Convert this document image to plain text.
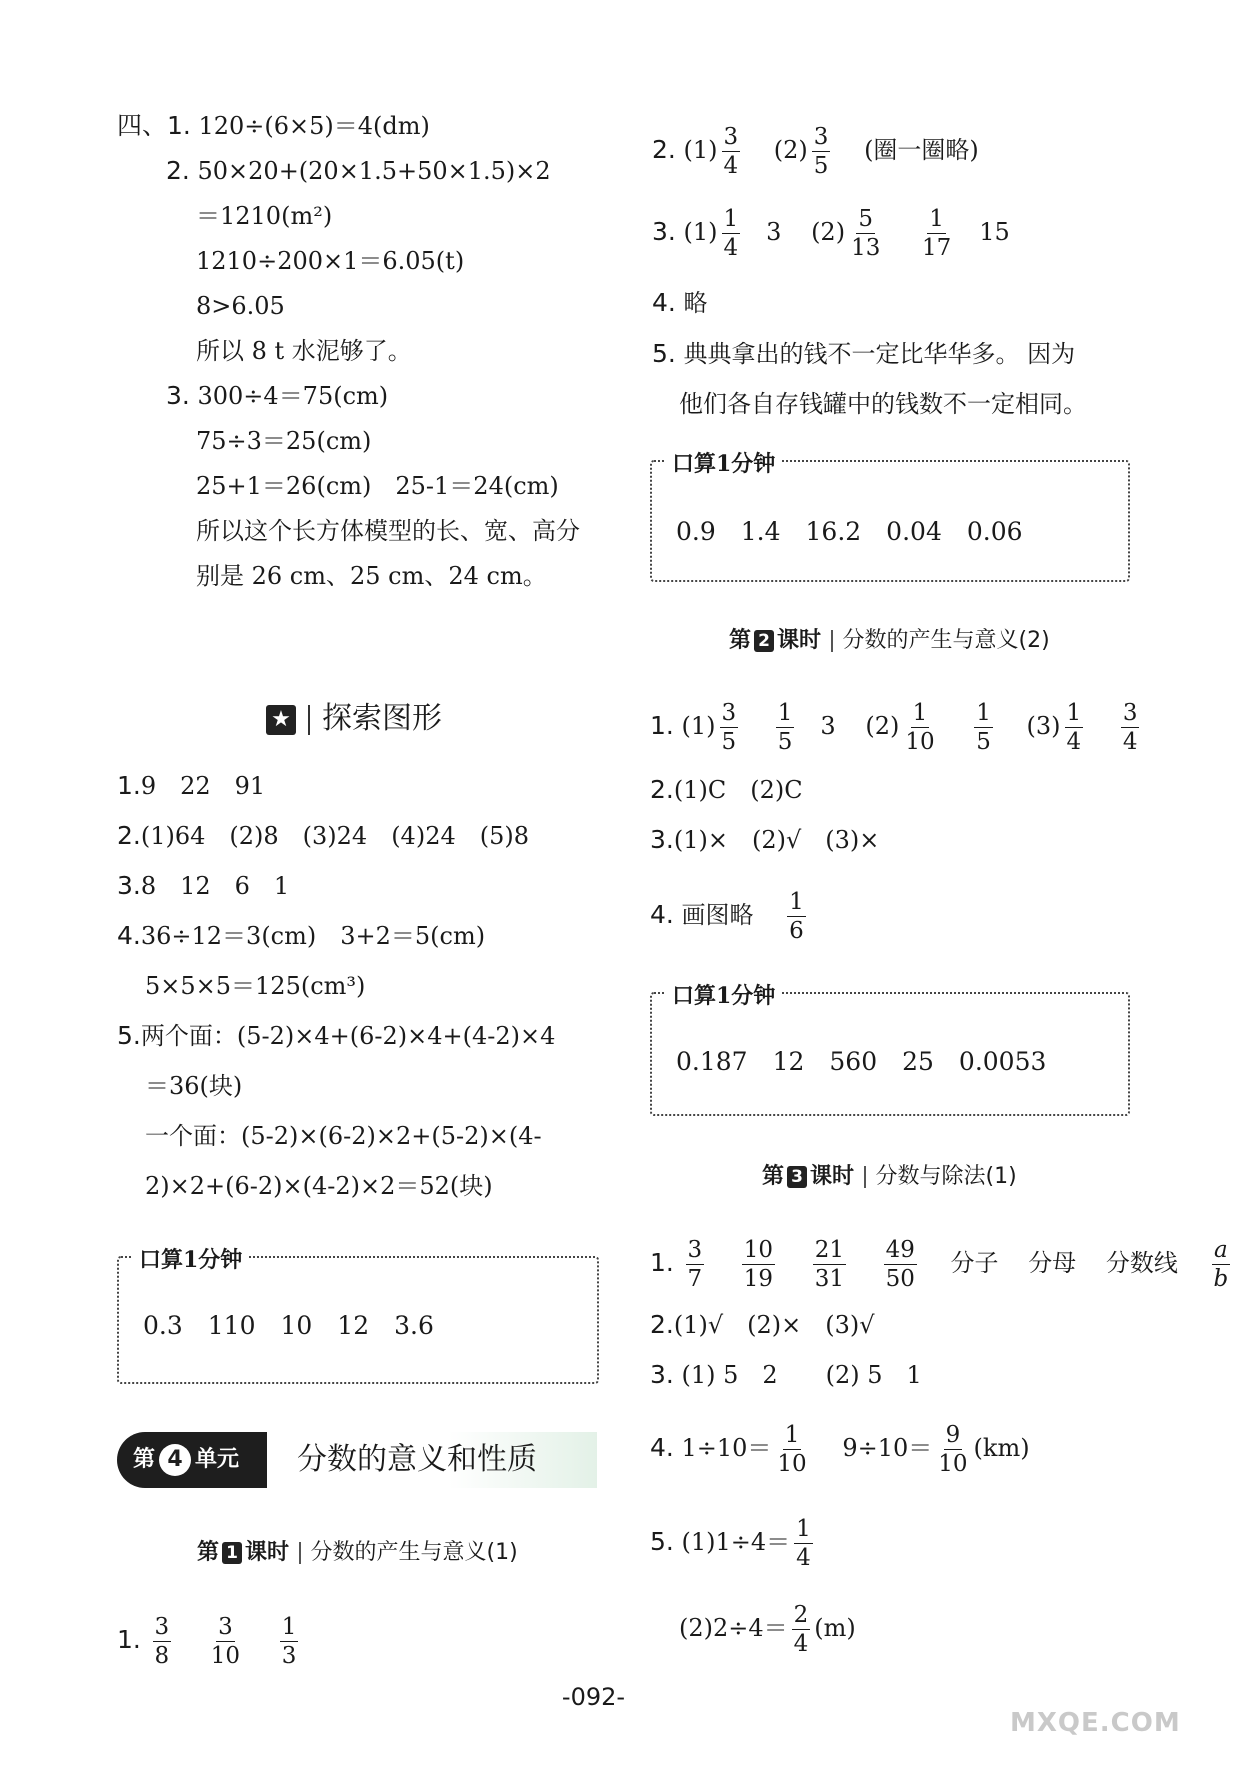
四、1. 120÷(6×5)＝4(dm)
2. 50×20+(20×1.5+50×1.5)×2
＝1210(m²)
1210÷200×1＝6.05(t)
8>6.05
所以 8 t 水泥够了。
3. 300÷4＝75(cm)
75÷3＝25(cm)
25+1＝26(cm)　25-1＝24(cm)
所以这个长方体模型的长、宽、高分
别是 26 cm、25 cm、24 cm。
★ 探索图形
1.9　22　91
2.(1)64　(2)8　(3)24　(4)24　(5)8
3.8　12　6　1
4.36÷12＝3(cm)　3+2＝5(cm)
5×5×5＝125(cm³)
5.两个面：(5-2)×4+(6-2)×4+(4-2)×4
＝36(块)
一个面：(5-2)×(6-2)×2+(5-2)×(4-
2)×2+(6-2)×(4-2)×2＝52(块)
口算1分钟
0.3　110　10　12　3.6
第 4 单元	分数的意义和性质
第 1 课时 分数的产生与意义(1)
1. $\frac{3}{8}$
$\frac{3}{10}$
$\frac{1}{3}$
2. $(1) \frac{3}{4} (2) \frac{3}{5}$ (圈一圈略)
3. $(1) \frac{1}{4} 3$ $(2) \frac{5}{13}$
$\frac{1}{17} 15$
4. 略
5. 典典拿出的钱不一定比华华多。 因为
他们各自存钱罐中的钱数不一定相同。
口算1分钟
0.9　1.4　16.2　0.04　0.06
第 2 课时 分数的产生与意义(2)
1. $(1) \frac{3}{5}$
$\frac{1}{5} 3$ $(2) \frac{1}{10}$
$\frac{1}{5} (3) \frac{1}{4}$
$\frac{3}{4}$
2.(1)C　(2)C
3.(1)×　(2)√　(3)×
4. 画图略 $\frac{1}{6}$
口算1分钟
0.187　12　560　25　0.0053
第 3 课时 分数与除法(1)
1. $\frac{3}{7}$
$\frac{10}{19}$
$\frac{21}{31}$
$\frac{49}{50}$ 分子 分母 分数线 $\frac{a}{b}$
2.(1)√　(2)×　(3)√
3. (1) 5　2　　(2) 5　1
4. $1\div 10= \frac{1}{10} 9\div 10= \frac{9}{10} (km)$
5. $(1)1\div 4= \frac{1}{4}$
$(2)2\div 4= \frac{2}{4} (m)$
-092-
MXQE.COM
